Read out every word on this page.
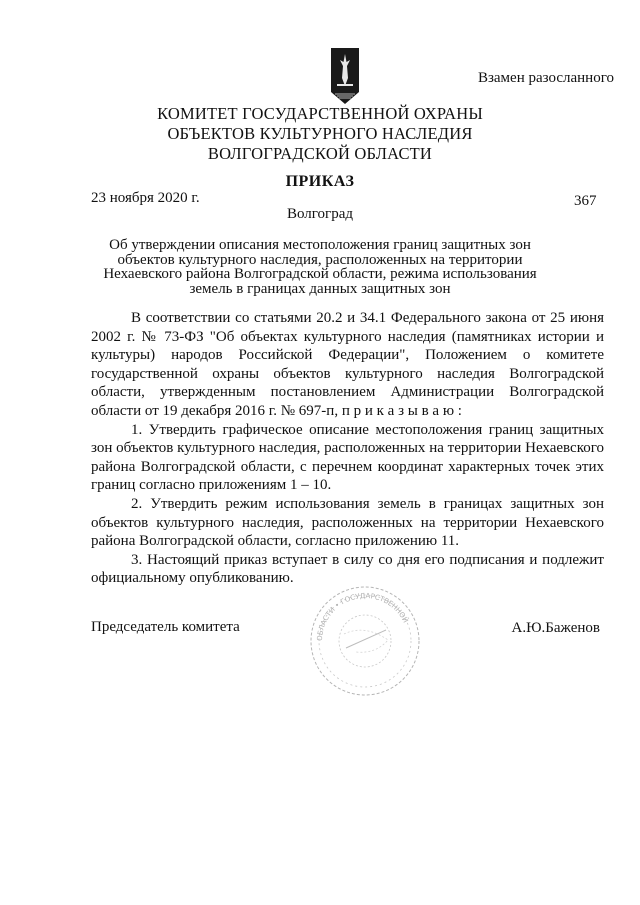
Взамен разосланного
КОМИТЕТ ГОСУДАРСТВЕННОЙ ОХРАНЫ
ОБЪЕКТОВ КУЛЬТУРНОГО НАСЛЕДИЯ
ВОЛГОГРАДСКОЙ ОБЛАСТИ
ПРИКАЗ
23 ноября 2020 г.	367
Волгоград
Об утверждении описания местоположения границ защитных зон объектов культурного наследия, расположенных на территории Нехаевского района Волгоградской области, режима использования земель в границах данных защитных зон

В соответствии со статьями 20.2 и 34.1 Федерального закона от 25 июня 2002 г. № 73-ФЗ "Об объектах культурного наследия (памятниках истории и культуры) народов Российской Федерации", Положением о комитете государственной охраны объектов культурного наследия Волгоградской области, утвержденным постановлением Администрации Волгоградской области от 19 декабря 2016 г. № 697-п, п р и к а з ы в а ю :

1. Утвердить графическое описание местоположения границ защитных зон объектов культурного наследия, расположенных на территории Нехаевского района Волгоградской области, с перечнем координат характерных точек этих границ согласно приложениям 1 – 10.

2. Утвердить режим использования земель в границах защитных зон объектов культурного наследия, расположенных на территории Нехаевского района Волгоградской области, согласно приложению 11.

3. Настоящий приказ вступает в силу со дня его подписания и подлежит официальному опубликованию.

Председатель комитета
ОБЛАСТИ • ГОСУДАРСТВЕННОЙ
А.Ю.Баженов
